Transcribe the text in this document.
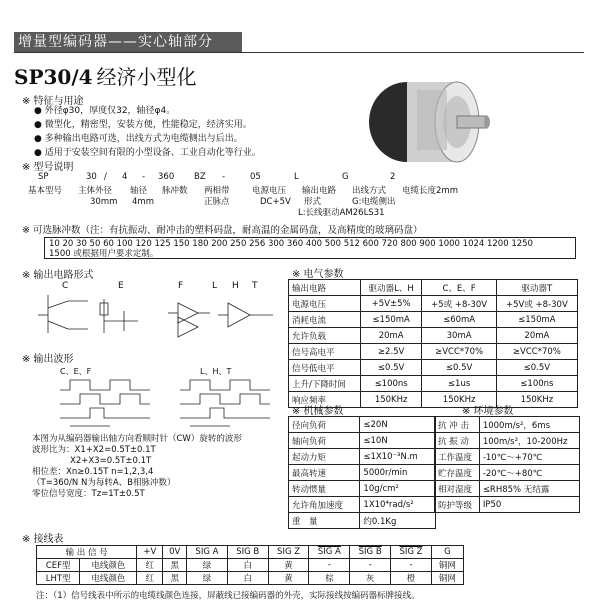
增量型编码器——实心轴部分
SP30/4 经济小型化
※ 特征与用途
● 外径φ30，厚度仅32，轴径φ4。
● 微型化，精密型，安装方便，性能稳定，经济实用。
● 多种输出电路可选，出线方式为电缆侧出与后出。
● 适用于安装空间有限的小型设备、工业自动化等行业。
※ 型号说明
SP	30 / 4 - 360 BZ -	05	L	G	2
基本型号 主体外径 轴径 脉冲数 两相带	电源电压 输出电路 出线方式 电缆长度2mm
30mm 4mm	正脉点	DC+5V 形式	G:电缆侧出
L:长线驱动AM26LS31
※ 可选脉冲数（注：有抗振动、耐冲击的塑料码盘，耐高温的金属码盘，及高精度的玻璃码盘）
10 20 30 50 60 100 120 125 150 180 200 250 256 300 360 400 500 512 600 720 800 900 1000 1024 1200 1250
1500 或根据用户要求定制。
※ 输出电路形式
C	E	F	L H T
※ 输出波形
C、E、F	L、H、T
本图为从编码器输出轴方向看顺时针（CW）旋转的波形
波形比为：X1+X2=0.5T±0.1T
X2+X3=0.5T±0.1T
相位差：Xn≥0.15T n=1,2,3,4
（T=360/N N为每转A、B相脉冲数）
零位信号宽度：Tz=1T±0.5T
※ 电气参数
输出电路	驱动器L、H	C、E、F	驱动器T
电源电压	+5V±5%	+5或 +8-30V	+5V或 +8-30V
消耗电流	≤150mA	≤60mA	≤150mA
允许负载	20mA	30mA	20mA
信号高电平	≥2.5V	≥VCC*70%	≥VCC*70%
信号低电平	≤0.5V	≤0.5V	≤0.5V
上升/下降时间	≤100ns	≤1us	≤100ns
响应频率	150KHz	150KHz	150KHz
※ 机械参数
径向负荷	≤20N
轴向负荷	≤10N
起动力矩	≤1X10⁻³N.m
最高转速	5000r/min
转动惯量	10g/cm²
允许角加速度	1X10⁴rad/s²
重　量	约0.1Kg
※ 环境参数
抗 冲 击	1000m/s²，6ms
抗 振 动	100m/s²，10-200Hz
工作温度	-10℃～+70℃
贮存温度	-20℃～+80℃
相对湿度	≤RH85% 无结露
防护等级	IP50
※ 接线表
输 出 信 号		+V	0V	SIG A	SIG B	SIG Z	SIG A	SIG B	SIG Z	G
CEF型	电线颜色	红	黑	绿	白	黄	-	-	-	铜网
LHT型	电线颜色	红	黑	绿	白	黄	棕	灰	橙	铜网
注：（1）信号线表中所示的电缆线颜色连接，屏蔽线已接编码器的外壳，实际接线按编码器标牌接线。
